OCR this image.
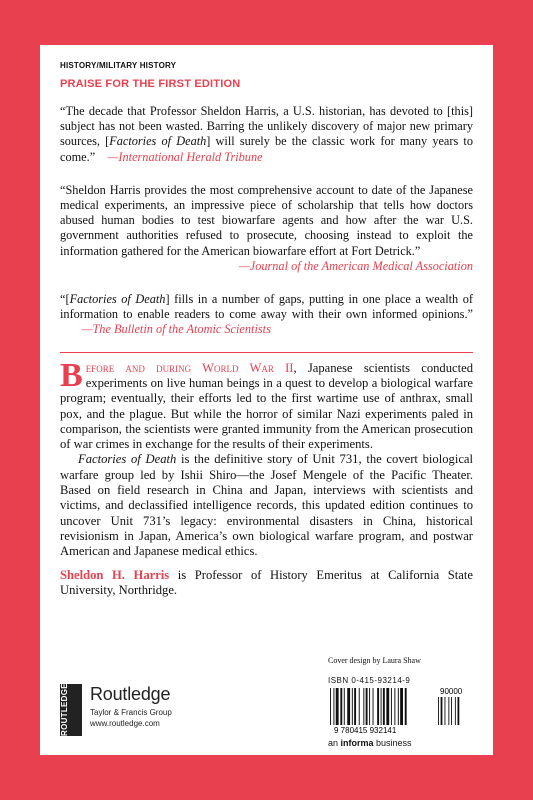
HISTORY/MILITARY HISTORY
PRAISE FOR THE FIRST EDITION

“The decade that Professor Sheldon Harris, a U.S. historian, has devoted to [this] subject has not been wasted. Barring the unlikely discovery of major new primary sources, [Factories of Death] will surely be the classic work for many years to come.” —International Herald Tribune

“Sheldon Harris provides the most comprehensive account to date of the Japanese medical experiments, an impressive piece of scholarship that tells how doctors abused human bodies to test biowarfare agents and how after the war U.S. government authorities refused to prosecute, choosing instead to exploit the information gathered for the American biowarfare effort at Fort Detrick.”
—Journal of the American Medical Association

“[Factories of Death] fills in a number of gaps, putting in one place a wealth of information to enable readers to come away with their own informed opinions.”        —The Bulletin of the Atomic Scientists

Before and during World War II, Japanese scientists conducted experiments on live human beings in a quest to develop a biological warfare program; eventually, their efforts led to the first wartime use of anthrax, small pox, and the plague. But while the horror of similar Nazi experiments paled in comparison, the scientists were granted immunity from the American prosecution of war crimes in exchange for the results of their experiments.

Factories of Death is the definitive story of Unit 731, the covert biological warfare group led by Ishii Shiro—the Josef Mengele of the Pacific Theater. Based on field research in China and Japan, interviews with scientists and victims, and declassified intelligence records, this updated edition continues to uncover Unit 731’s legacy: environmental disasters in China, historical revisionism in Japan, America’s own biological warfare program, and postwar American and Japanese medical ethics.

Sheldon H. Harris is Professor of History Emeritus at California State University, Northridge.

Cover design by Laura Shaw
ROUTLEDGE	Routledge
Taylor & Francis Group
www.routledge.com
ISBN 0-415-93214-9
9 780415 932141
90000
an informa business
